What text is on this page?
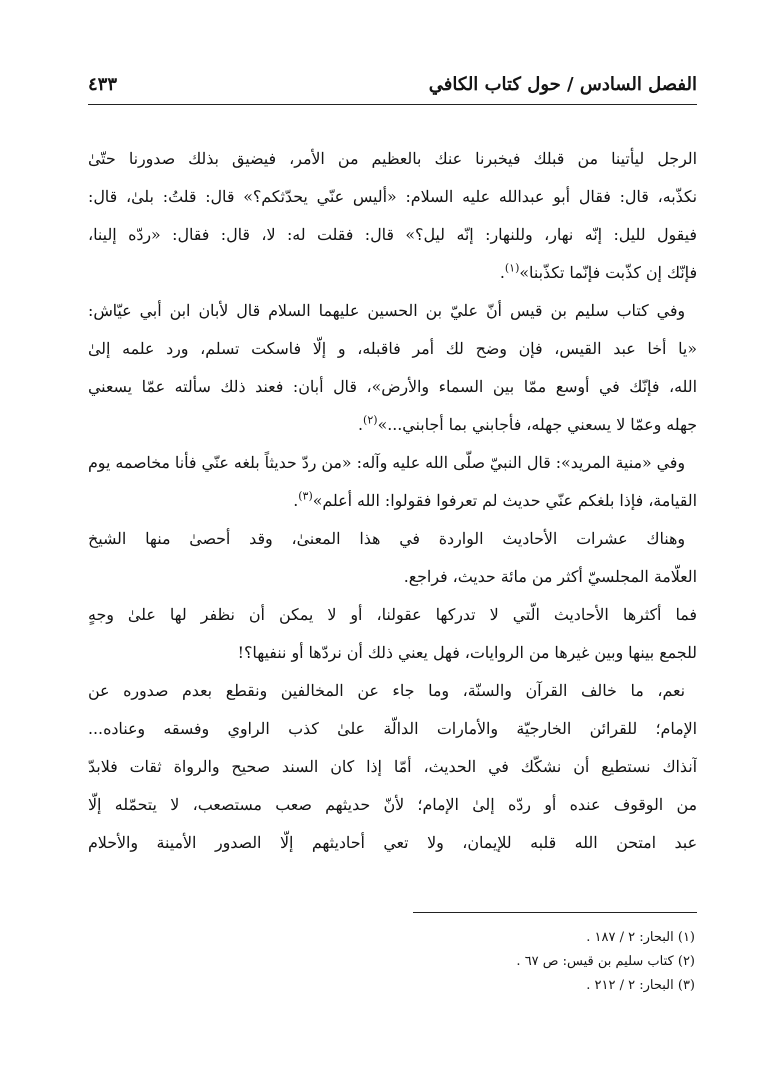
الفصل السادس / حول كتاب الكافي
٤٣٣
الرجل ليأتينا من قبلك فيخبرنا عنك بالعظيم من الأمر، فيضيق بذلك صدورنا حتّىٰ
نكذّبه، قال: فقال أبو عبدالله عليه السلام: «أليس عنّي يحدّثكم؟» قال: قلتُ: بلىٰ، قال:
فيقول لليل: إنّه نهار، وللنهار: إنّه ليل؟» قال: فقلت له: لا، قال: فقال: «ردّه إلينا،
فإنّك إن كذّبت فإنّما تكذّبنا»$^{(١)}$.
وفي كتاب سليم بن قيس أنّ عليّ بن الحسين عليهما السلام قال لأبان ابن أبي عيّاش:
«يا أخا عبد القيس، فإن وضح لك أمر فاقبله، و إلّا فاسكت تسلم، ورد علمه إلىٰ
الله، فإنّك في أوسع ممّا بين السماء والأرض»، قال أبان: فعند ذلك سألته عمّا يسعني
جهله وعمّا لا يسعني جهله، فأجابني بما أجابني...»$^{(٢)}$.
وفي «منية المريد»: قال النبيّ صلّى الله عليه وآله: «من ردّ حديثاً بلغه عنّي فأنا مخاصمه يوم
القيامة، فإذا بلغكم عنّي حديث لم تعرفوا فقولوا: الله أعلم»$^{(٣)}$.
وهناك عشرات الأحاديث الواردة في هذا المعنىٰ، وقد أحصىٰ منها الشيخ
العلّامة المجلسيّ أكثر من مائة حديث، فراجع.
فما أكثرها الأحاديث الّتي لا تدركها عقولنا، أو لا يمكن أن نظفر لها علىٰ وجهٍ
للجمع بينها وبين غيرها من الروايات، فهل يعني ذلك أن نردّها أو ننفيها؟!
نعم، ما خالف القرآن والسنّة، وما جاء عن المخالفين ونقطع بعدم صدوره عن
الإمام؛ للقرائن الخارجيّة والأمارات الدالّة علىٰ كذب الراوي وفسقه وعناده...
آنذاك نستطيع أن نشكّك في الحديث، أمّا إذا كان السند صحيح والرواة ثقات فلابدّ
من الوقوف عنده أو ردّه إلىٰ الإمام؛ لأنّ حديثهم صعب مستصعب، لا يتحمّله إلّا
عبد امتحن الله قلبه للإيمان، ولا تعي أحاديثهم إلّا الصدور الأمينة والأحلام
(١) البحار: ٢ / ١٨٧ .
(٢) كتاب سليم بن قيس: ص ٦٧ .
(٣) البحار: ٢ / ٢١٢ .
